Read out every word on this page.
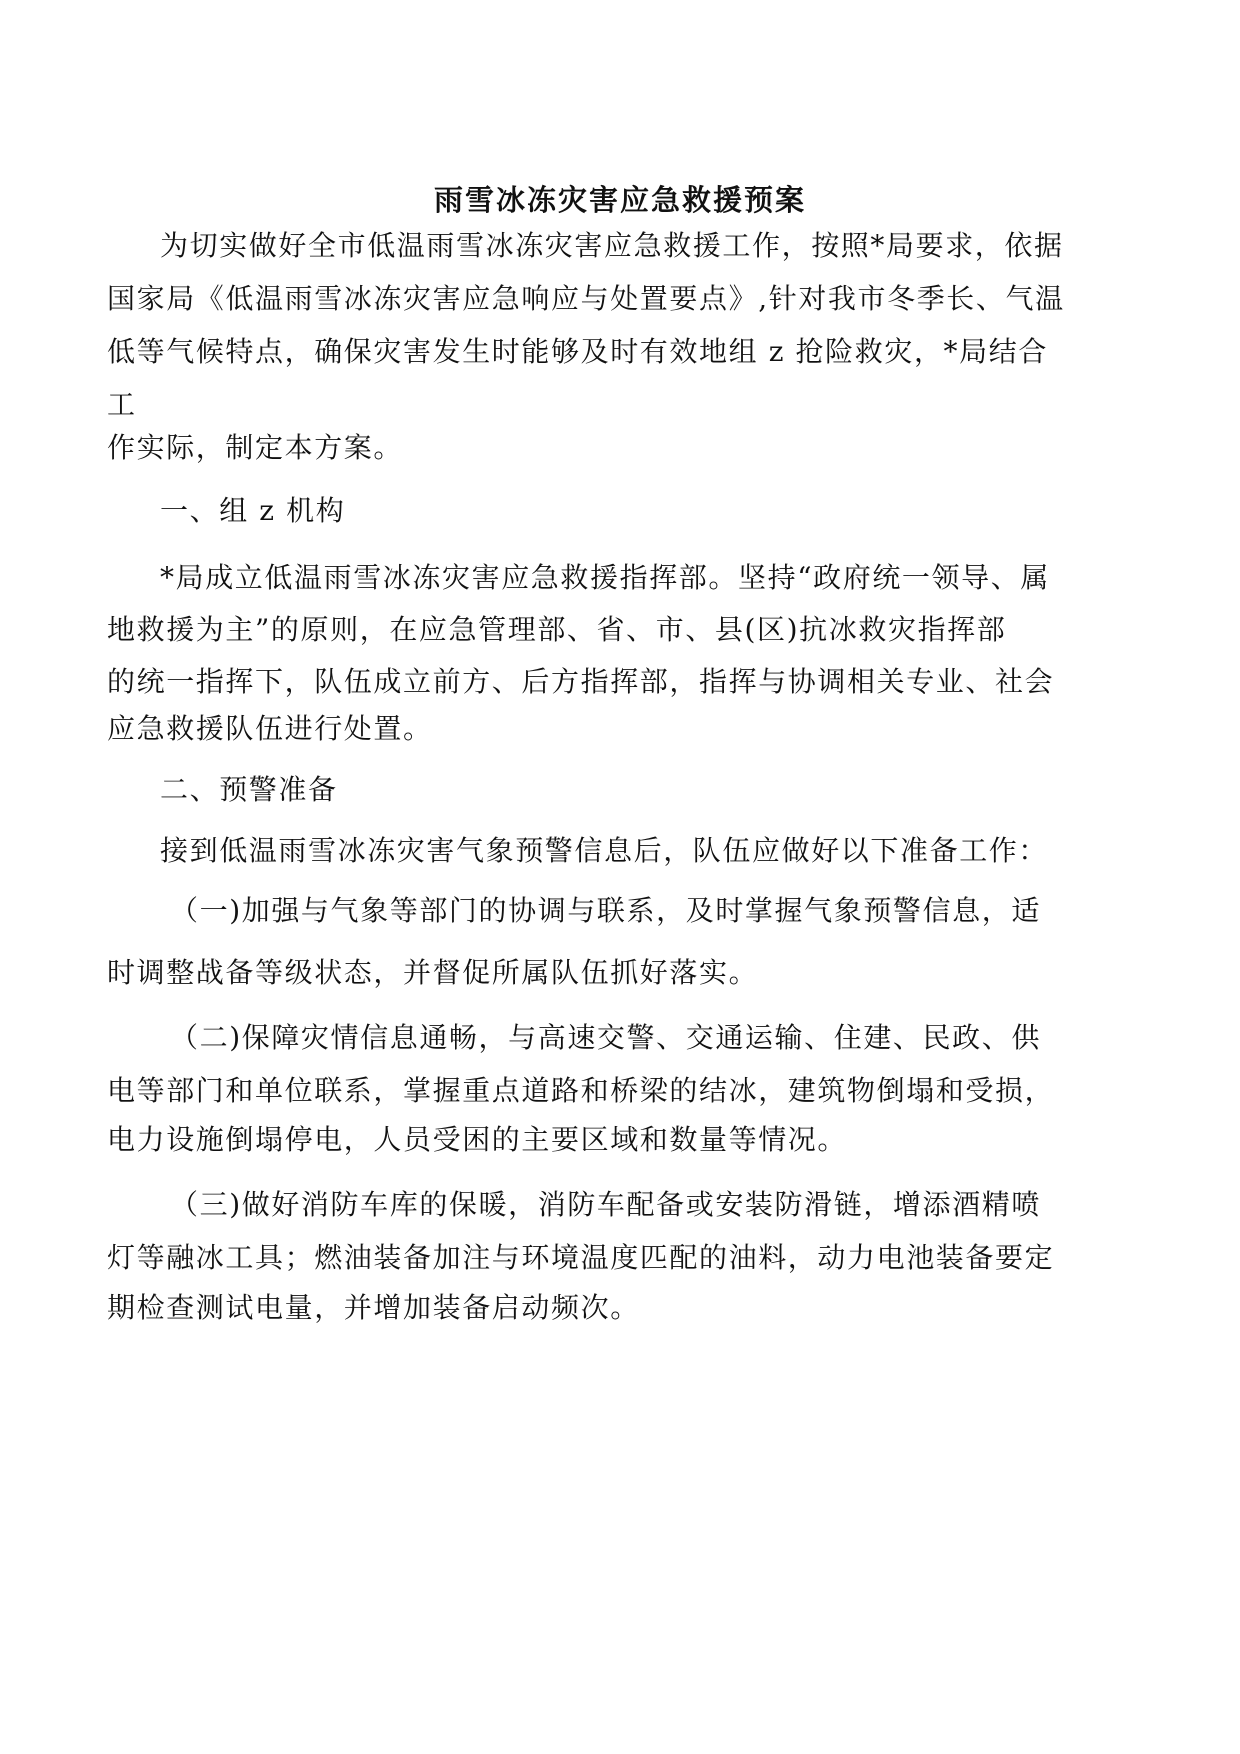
雨雪冰冻灾害应急救援预案
为切实做好全市低温雨雪冰冻灾害应急救援工作，按照*局要求，依据
国家局《低温雨雪冰冻灾害应急响应与处置要点》,针对我市冬季长、气温
低等气候特点，确保灾害发生时能够及时有效地组 z 抢险救灾，*局结合
工
作实际，制定本方案。
一、组 z 机构
*局成立低温雨雪冰冻灾害应急救援指挥部。坚持“政府统一领导、属
地救援为主”的原则，在应急管理部、省、市、县(区)抗冰救灾指挥部
的统一指挥下，队伍成立前方、后方指挥部，指挥与协调相关专业、社会
应急救援队伍进行处置。
二、预警准备
接到低温雨雪冰冻灾害气象预警信息后，队伍应做好以下准备工作：
（一)加强与气象等部门的协调与联系，及时掌握气象预警信息，适
时调整战备等级状态，并督促所属队伍抓好落实。
（二)保障灾情信息通畅，与高速交警、交通运输、住建、民政、供
电等部门和单位联系，掌握重点道路和桥梁的结冰，建筑物倒塌和受损，
电力设施倒塌停电，人员受困的主要区域和数量等情况。
（三)做好消防车库的保暖，消防车配备或安装防滑链，增添酒精喷
灯等融冰工具；燃油装备加注与环境温度匹配的油料，动力电池装备要定
期检查测试电量，并增加装备启动频次。
